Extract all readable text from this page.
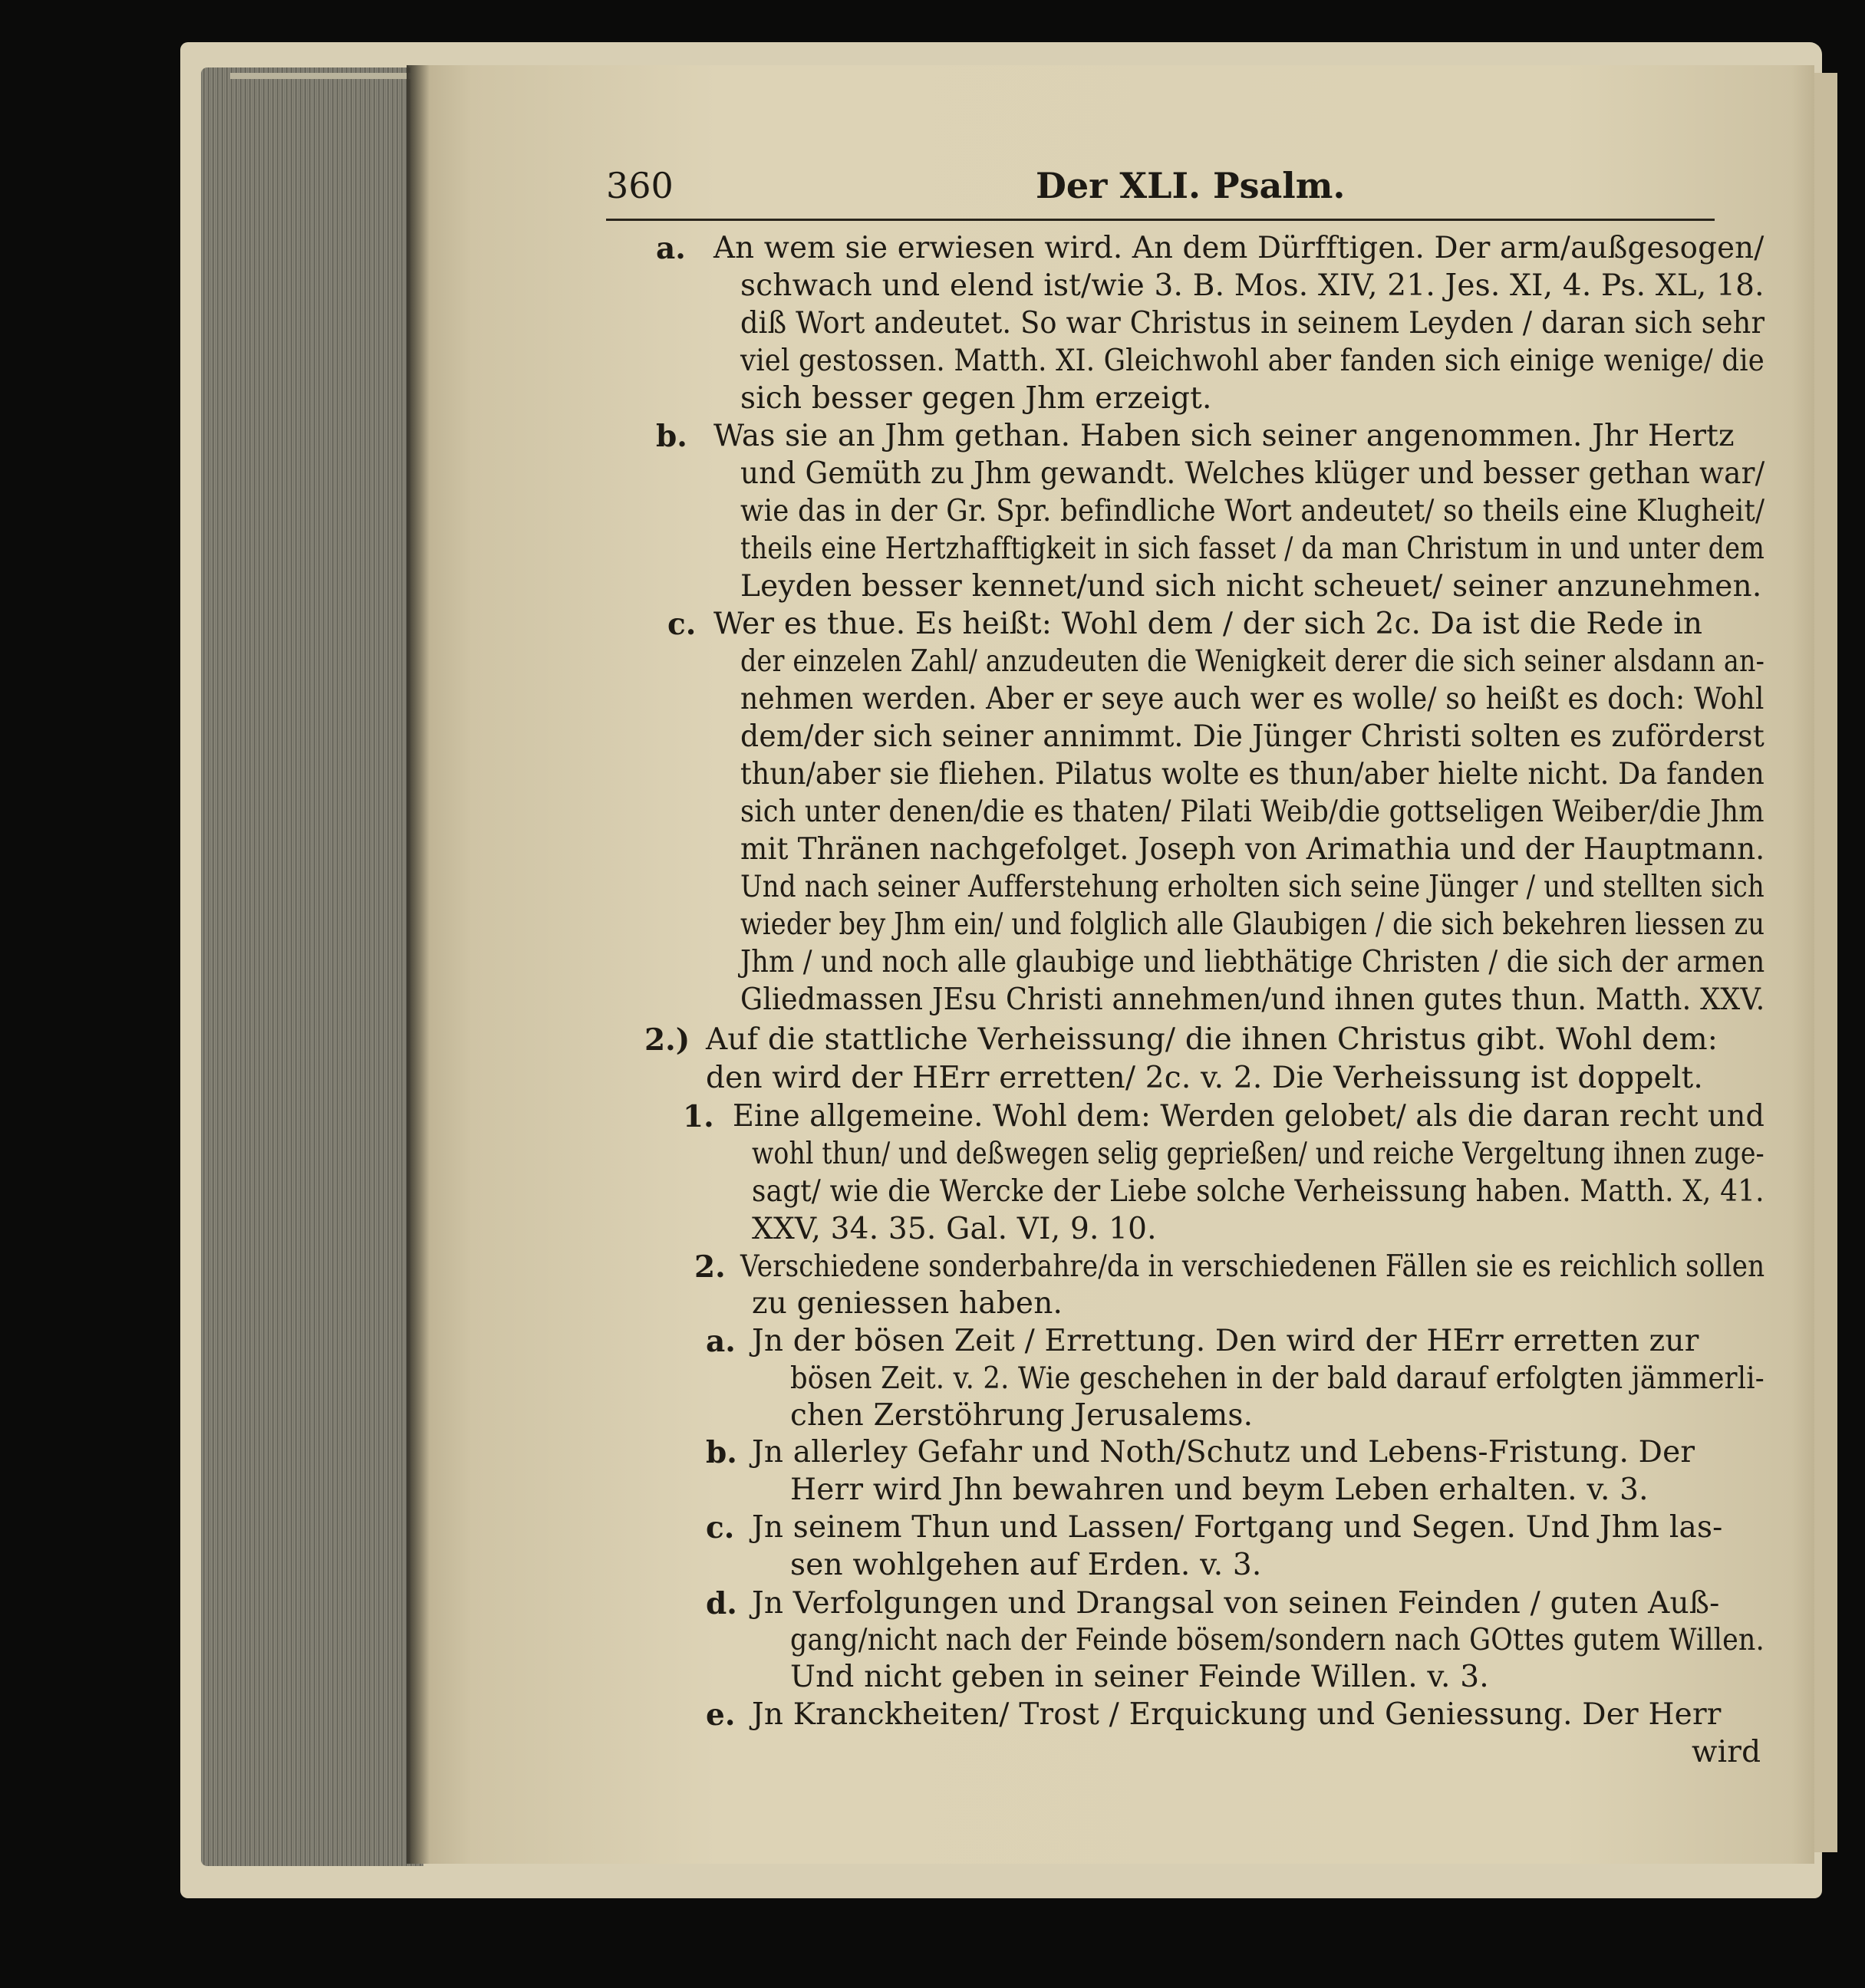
360	Der XLI. Psalm.
a.
b.
c.
2.)
1.
2.
a.
b.
c.
d.
e.
An wem sie erwiesen wird. An dem Dürfftigen. Der arm/außgesogen/
schwach und elend ist/wie 3. B. Mos. XIV, 21. Jes. XI, 4. Ps. XL, 18.
diß Wort andeutet. So war Christus in seinem Leyden / daran sich sehr
viel gestossen. Matth. XI. Gleichwohl aber fanden sich einige wenige/ die
sich besser gegen Jhm erzeigt.
Was sie an Jhm gethan. Haben sich seiner angenommen. Jhr Hertz
und Gemüth zu Jhm gewandt. Welches klüger und besser gethan war/
wie das in der Gr. Spr. befindliche Wort andeutet/ so theils eine Klugheit/
theils eine Hertzhafftigkeit in sich fasset / da man Christum in und unter dem
Leyden besser kennet/und sich nicht scheuet/ seiner anzunehmen.
Wer es thue. Es heißt: Wohl dem / der sich 2c. Da ist die Rede in
der einzelen Zahl/ anzudeuten die Wenigkeit derer die sich seiner alsdann an-
nehmen werden. Aber er seye auch wer es wolle/ so heißt es doch: Wohl
dem/der sich seiner annimmt. Die Jünger Christi solten es zuförderst
thun/aber sie fliehen. Pilatus wolte es thun/aber hielte nicht. Da fanden
sich unter denen/die es thaten/ Pilati Weib/die gottseligen Weiber/die Jhm
mit Thränen nachgefolget. Joseph von Arimathia und der Hauptmann.
Und nach seiner Aufferstehung erholten sich seine Jünger / und stellten sich
wieder bey Jhm ein/ und folglich alle Glaubigen / die sich bekehren liessen zu
Jhm / und noch alle glaubige und liebthätige Christen / die sich der armen
Gliedmassen JEsu Christi annehmen/und ihnen gutes thun. Matth. XXV.
Auf die stattliche Verheissung/ die ihnen Christus gibt. Wohl dem:
den wird der HErr erretten/ 2c. v. 2. Die Verheissung ist doppelt.
Eine allgemeine. Wohl dem: Werden gelobet/ als die daran recht und
wohl thun/ und deßwegen selig geprießen/ und reiche Vergeltung ihnen zuge-
sagt/ wie die Wercke der Liebe solche Verheissung haben. Matth. X, 41.
XXV, 34. 35. Gal. VI, 9. 10.
Verschiedene sonderbahre/da in verschiedenen Fällen sie es reichlich sollen
zu geniessen haben.
Jn der bösen Zeit / Errettung. Den wird der HErr erretten zur
bösen Zeit. v. 2. Wie geschehen in der bald darauf erfolgten jämmerli-
chen Zerstöhrung Jerusalems.
Jn allerley Gefahr und Noth/Schutz und Lebens-Fristung. Der
Herr wird Jhn bewahren und beym Leben erhalten. v. 3.
Jn seinem Thun und Lassen/ Fortgang und Segen. Und Jhm las-
sen wohlgehen auf Erden. v. 3.
Jn Verfolgungen und Drangsal von seinen Feinden / guten Auß-
gang/nicht nach der Feinde bösem/sondern nach GOttes gutem Willen.
Und nicht geben in seiner Feinde Willen. v. 3.
Jn Kranckheiten/ Trost / Erquickung und Geniessung. Der Herr
wird
